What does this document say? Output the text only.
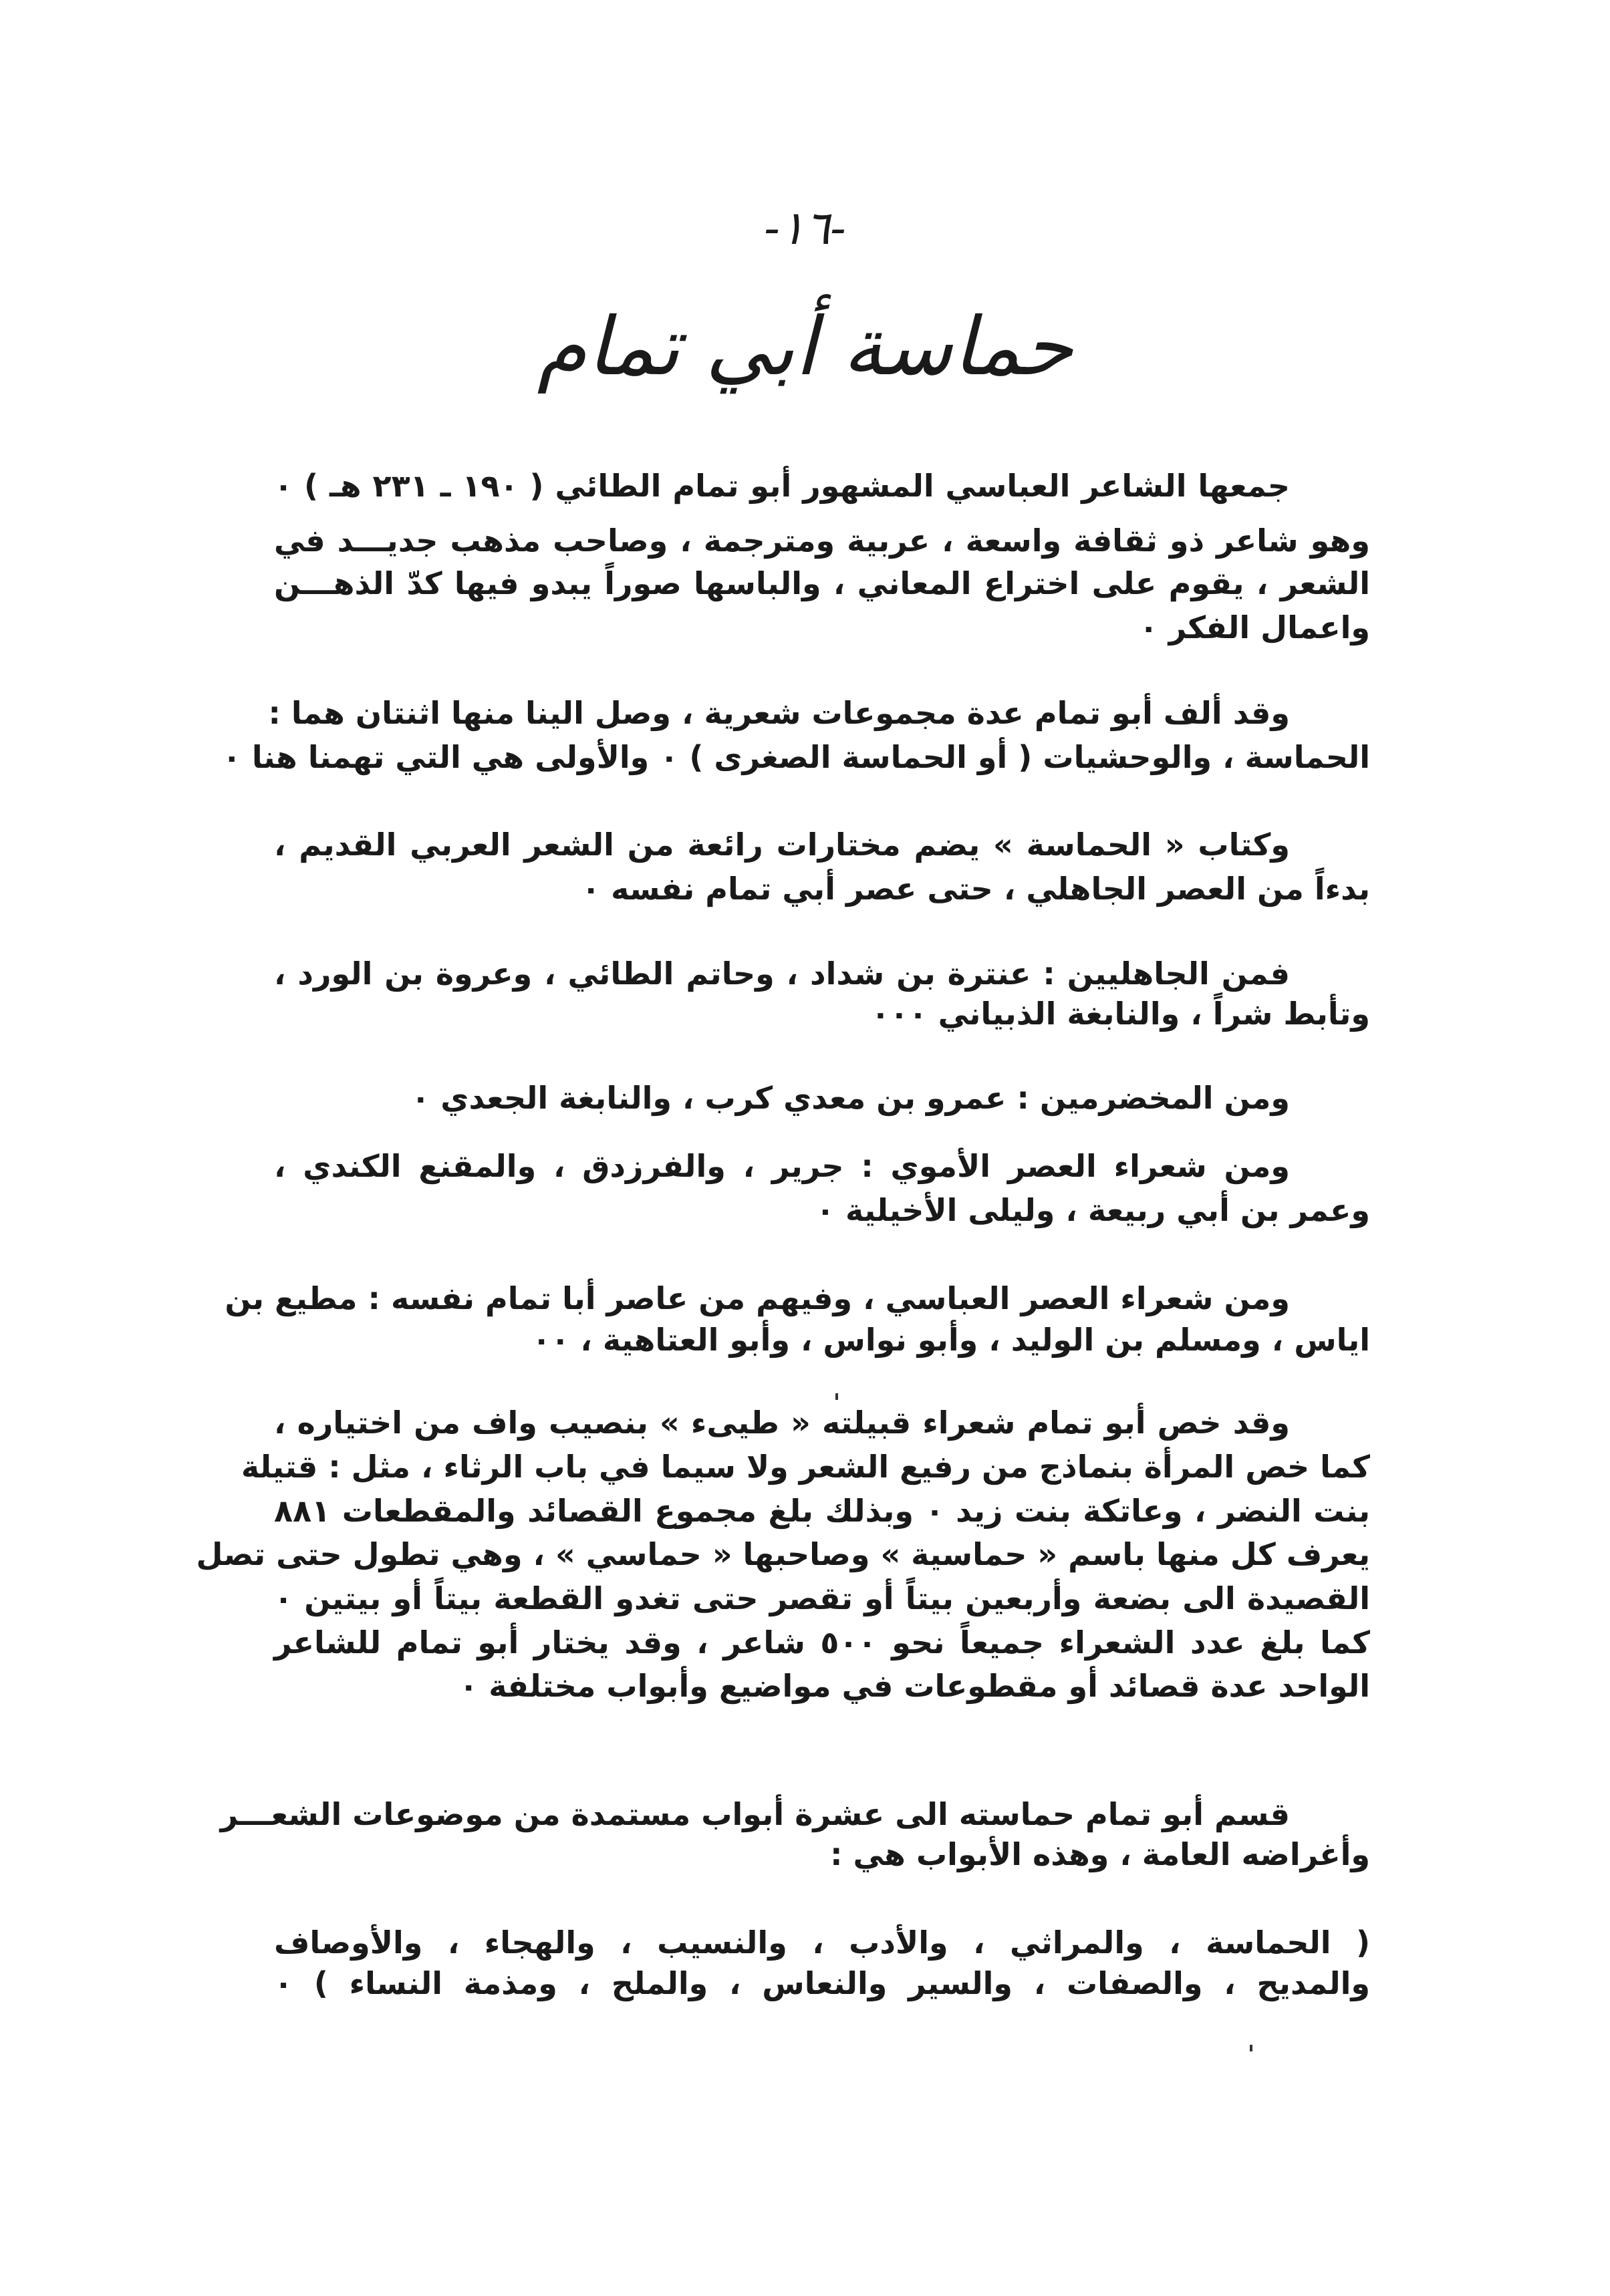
-١٦-
حماسة أبي تمام
جمعها الشاعر العباسي المشهور أبو تمام الطائي ( ١٩٠ ـ ٢٣١ هـ ) ٠
وهو شاعر ذو ثقافة واسعة ، عربية ومترجمة ، وصاحب مذهب جديـــد في
الشعر ، يقوم على اختراع المعاني ، والباسها صوراً يبدو فيها كدّ الذهـــن
واعمال الفكر ٠
وقد ألف أبو تمام عدة مجموعات شعرية ، وصل الينا منها اثنتان هما :
الحماسة ، والوحشيات ( أو الحماسة الصغرى ) ٠ والأولى هي التي تهمنا هنا ٠
وكتاب « الحماسة » يضم مختارات رائعة من الشعر العربي القديم ،
بدءاً من العصر الجاهلي ، حتى عصر أبي تمام نفسه ٠
فمن الجاهليين : عنترة بن شداد ، وحاتم الطائي ، وعروة بن الورد ،
وتأبط شراً ، والنابغة الذبياني ٠٠٠
ومن المخضرمين : عمرو بن معدي كرب ، والنابغة الجعدي ٠
ومن شعراء العصر الأموي : جرير ، والفرزدق ، والمقنع الكندي ،
وعمر بن أبي ربيعة ، وليلى الأخيلية ٠
ومن شعراء العصر العباسي ، وفيهم من عاصر أبا تمام نفسه : مطيع بن
اياس ، ومسلم بن الوليد ، وأبو نواس ، وأبو العتاهية ، ٠٠
وقد خص أبو تمام شعراء قبيلته « طيىء » بنصيب واف من اختياره ،
كما خص المرأة بنماذج من رفيع الشعر ولا سيما في باب الرثاء ، مثل : قتيلة
بنت النضر ، وعاتكة بنت زيد ٠ وبذلك بلغ مجموع القصائد والمقطعات ٨٨١
يعرف كل منها باسم « حماسية » وصاحبها « حماسي » ، وهي تطول حتى تصل
القصيدة الى بضعة وأربعين بيتاً أو تقصر حتى تغدو القطعة بيتاً أو بيتين ٠
كما بلغ عدد الشعراء جميعاً نحو ٥٠٠ شاعر ، وقد يختار أبو تمام للشاعر
الواحد عدة قصائد أو مقطوعات في مواضيع وأبواب مختلفة ٠
قسم أبو تمام حماسته الى عشرة أبواب مستمدة من موضوعات الشعـــر
وأغراضه العامة ، وهذه الأبواب هي :
( الحماسة ، والمراثي ، والأدب ، والنسيب ، والهجاء ، والأوصاف
والمديح ، والصفات ، والسير والنعاس ، والملح ، ومذمة النساء ) ٠
